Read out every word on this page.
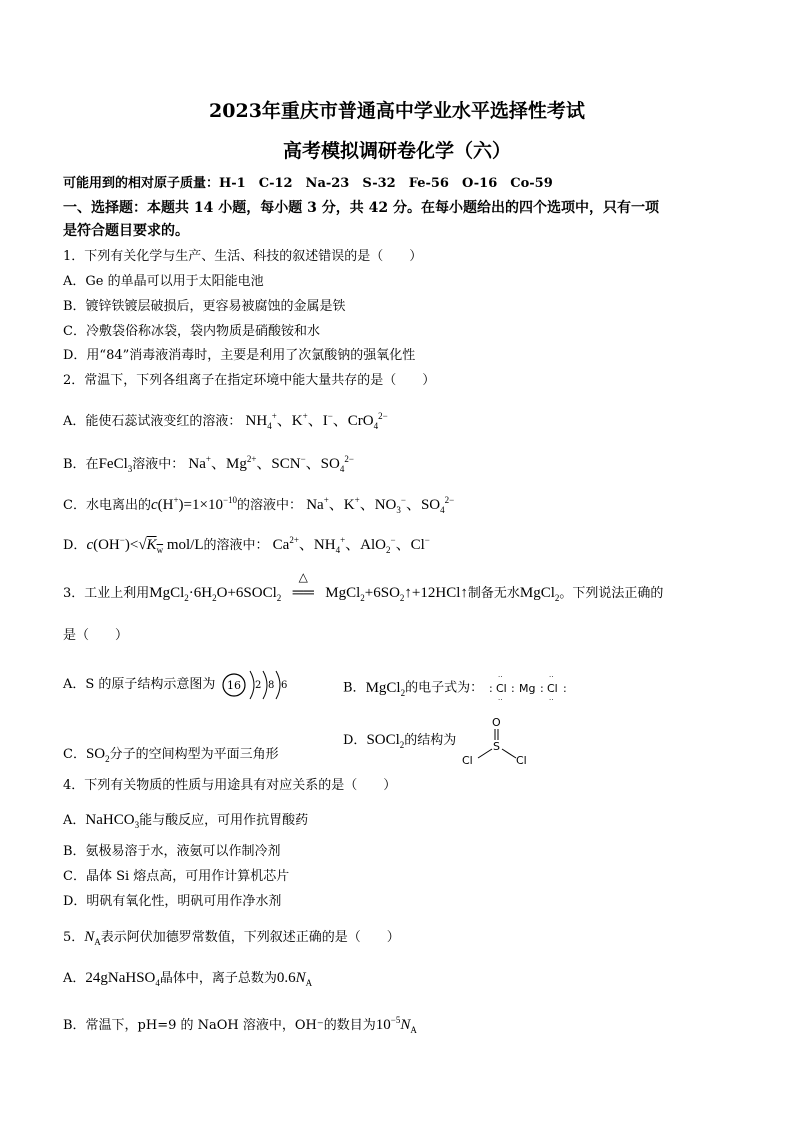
2023年重庆市普通高中学业水平选择性考试
高考模拟调研卷化学（六）
可能用到的相对原子质量：H-1　C-12　Na-23　S-32　Fe-56　O-16　Co-59
一、选择题：本题共 14 小题，每小题 3 分，共 42 分。在每小题给出的四个选项中，只有一项
是符合题目要求的。
1．下列有关化学与生产、生活、科技的叙述错误的是（　　）
A．Ge 的单晶可以用于太阳能电池
B．镀锌铁镀层破损后，更容易被腐蚀的金属是铁
C．冷敷袋俗称冰袋，袋内物质是硝酸铵和水
D．用“84”消毒液消毒时，主要是利用了次氯酸钠的强氧化性
2．常温下，下列各组离子在指定环境中能大量共存的是（　　）
A．能使石蕊试液变红的溶液： $NH_4^+$、K+、I−、CrO$_4^{2-}$
B．在FeCl$_3$溶液中： Na+、$Mg^{2+}$、SCN−、$SO_4^{2-}$
C．水电离出的$c(H^+)=1\times 10^{-10}$的溶液中： Na+、K+、$NO_3^-$、$SO_4^{2-}$
D．$c(OH^-)<√K_w$ mol/L的溶液中： $Ca^{2+}$、$NH_4^+$、AlO$_2$−、Cl−
3．工业上利用$MgCl_2\cdot 6H_2O+6SOCl_2$
△
══ $MgCl_2+6SO_2↑+12HCl↑$制备无水MgCl$_2$。下列说法正确的
是（　　）
A．S 的原子结构示意图为 16 2 8 6	B．MgCl$_2$的电子式为： : Cl : Mg : Cl :
··
··
··
··
C．$SO_2$分子的空间构型为平面三角形
D．SOCl$_2$的结构为
O
S
Cl	Cl
4．下列有关物质的性质与用途具有对应关系的是（　　）
A．NaHCO$_3$能与酸反应，可用作抗胃酸药
B．氨极易溶于水，液氨可以作制冷剂
C．晶体 Si 熔点高，可用作计算机芯片
D．明矾有氧化性，明矾可用作净水剂
5．$N_A$表示阿伏加德罗常数值，下列叙述正确的是（　　）
A．24gNaHSO$_4$晶体中，离子总数为$0.6N_A$
B．常温下，pH=9 的 NaOH 溶液中，OH⁻的数目为$10^{-5}N_A$
